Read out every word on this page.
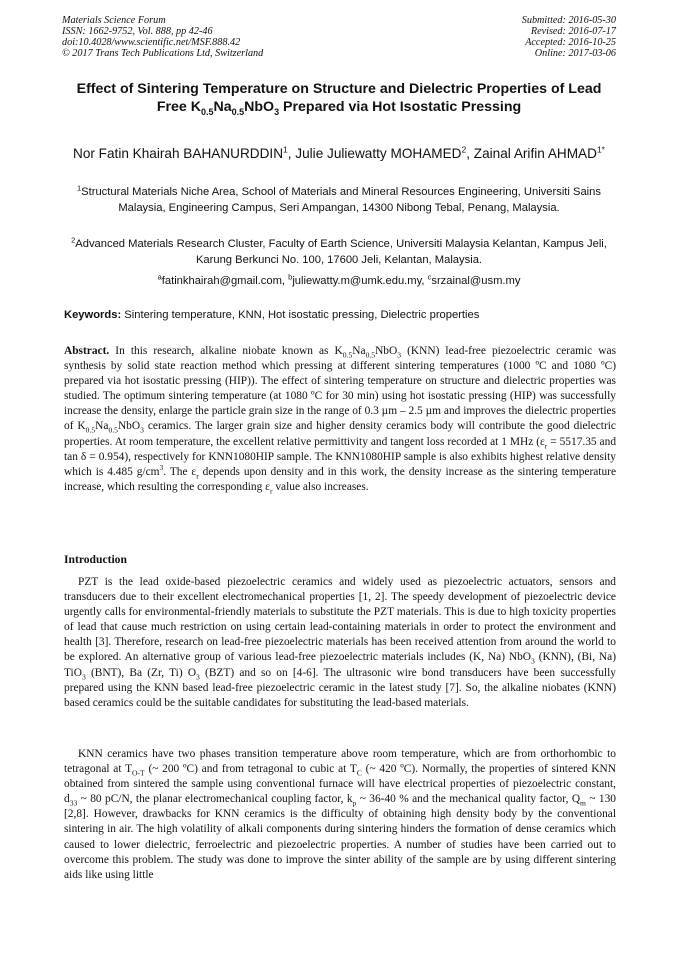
Materials Science Forum
ISSN: 1662-9752, Vol. 888, pp 42-46
doi:10.4028/www.scientific.net/MSF.888.42
© 2017 Trans Tech Publications Ltd, Switzerland
Submitted: 2016-05-30
Revised: 2016-07-17
Accepted: 2016-10-25
Online: 2017-03-06
Effect of Sintering Temperature on Structure and Dielectric Properties of Lead Free $K_{0.5}Na_{0.5}NbO_3$ Prepared via Hot Isostatic Pressing
Nor Fatin Khairah BAHANURDDIN$^1$, Julie Juliewatty MOHAMED$^2$, Zainal Arifin $AHMAD^{1*}$
$^1$Structural Materials Niche Area, School of Materials and Mineral Resources Engineering, Universiti Sains Malaysia, Engineering Campus, Seri Ampangan, 14300 Nibong Tebal, Penang, Malaysia.
$^2$Advanced Materials Research Cluster, Faculty of Earth Science, Universiti Malaysia Kelantan, Kampus Jeli, Karung Berkunci No. 100, 17600 Jeli, Kelantan, Malaysia.
$^a$fatinkhairah@gmail.com, $^b$juliewatty.m@umk.edu.my, $^c$srzainal@usm.my
Keywords: Sintering temperature, KNN, Hot isostatic pressing, Dielectric properties
Abstract. In this research, alkaline niobate known as $K_{0.5}Na_{0.5}NbO_3$ (KNN) lead-free piezoelectric ceramic was synthesis by solid state reaction method which pressing at different sintering temperatures (1000 ºC and 1080 ºC) prepared via hot isostatic pressing (HIP)). The effect of sintering temperature on structure and dielectric properties was studied. The optimum sintering temperature (at 1080 ºC for 30 min) using hot isostatic pressing (HIP) was successfully increase the density, enlarge the particle grain size in the range of 0.3 µm – 2.5 µm and improves the dielectric properties of $K_{0.5}Na_{0.5}NbO_3$ ceramics. The larger grain size and higher density ceramics body will contribute the good dielectric properties. At room temperature, the excellent relative permittivity and tangent loss recorded at 1 MHz ($\varepsilon_r = 5517.35$ and tan δ = 0.954), respectively for KNN1080HIP sample. The KNN1080HIP sample is also exhibits highest relative density which is 4.485 $g/cm^3$. The $\varepsilon_r$ depends upon density and in this work, the density increase as the sintering temperature increase, which resulting the corresponding $\varepsilon_r$ value also increases.
Introduction
PZT is the lead oxide-based piezoelectric ceramics and widely used as piezoelectric actuators, sensors and transducers due to their excellent electromechanical properties [1, 2]. The speedy development of piezoelectric device urgently calls for environmental-friendly materials to substitute the PZT materials. This is due to high toxicity properties of lead that cause much restriction on using certain lead-containing materials in order to protect the environment and health [3]. Therefore, research on lead-free piezoelectric materials has been received attention from around the world to be explored. An alternative group of various lead-free piezoelectric materials includes (K, Na) NbO$_3$ (KNN), (Bi, Na) TiO$_3$ (BNT), Ba (Zr, Ti) $O_3$ (BZT) and so on [4-6]. The ultrasonic wire bond transducers have been successfully prepared using the KNN based lead-free piezoelectric ceramic in the latest study [7]. So, the alkaline niobates (KNN) based ceramics could be the suitable candidates for substituting the lead-based materials.
KNN ceramics have two phases transition temperature above room temperature, which are from orthorhombic to tetragonal at $T_{O-T}$ (~ 200 ºC) and from tetragonal to cubic at $T_C$ (~ 420 ºC). Normally, the properties of sintered KNN obtained from sintered the sample using conventional furnace will have electrical properties of piezoelectric constant, $d_{33}$ ~ 80 pC/N, the planar electromechanical coupling factor, $k_p$ ~ 36-40 % and the mechanical quality factor, $Q_m$ ~ 130 [2,8]. However, drawbacks for KNN ceramics is the difficulty of obtaining high density body by the conventional sintering in air. The high volatility of alkali components during sintering hinders the formation of dense ceramics which caused to lower dielectric, ferroelectric and piezoelectric properties. A number of studies have been carried out to overcome this problem. The study was done to improve the sinter ability of the sample are by using different sintering aids like using little
